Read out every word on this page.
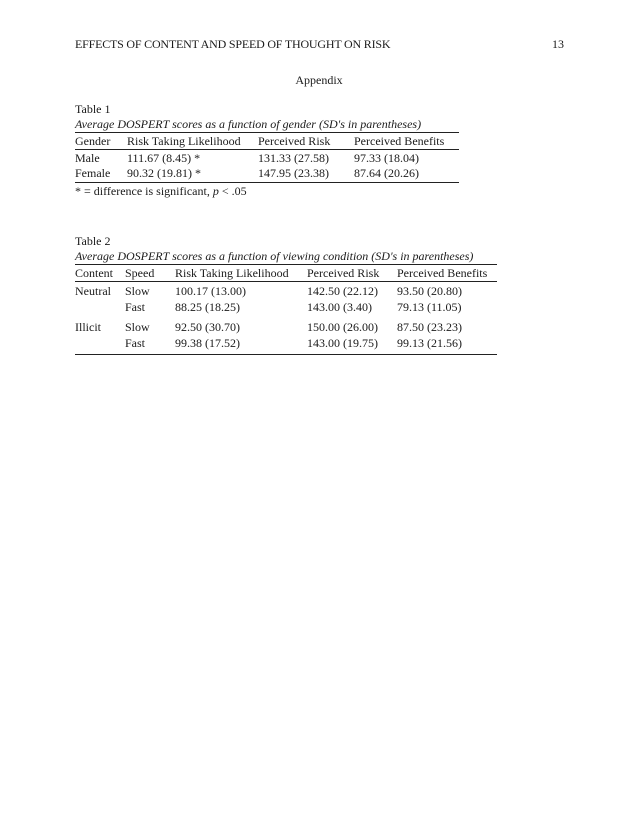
EFFECTS OF CONTENT AND SPEED OF THOUGHT ON RISK	13
Appendix
Table 1
Average DOSPERT scores as a function of gender (SD's in parentheses)
Gender	Risk Taking Likelihood	Perceived Risk	Perceived Benefits
Male	111.67 (8.45) *	131.33 (27.58)	97.33 (18.04)
Female	90.32 (19.81) *	147.95 (23.38)	87.64 (20.26)
* = difference is significant, p < .05
Table 2
Average DOSPERT scores as a function of viewing condition (SD's in parentheses)
Content	Speed	Risk Taking Likelihood	Perceived Risk	Perceived Benefits
Neutral	Slow	100.17 (13.00)	142.50 (22.12)	93.50 (20.80)
	Fast	88.25 (18.25)	143.00 (3.40)	79.13 (11.05)
Illicit	Slow	92.50 (30.70)	150.00 (26.00)	87.50 (23.23)
	Fast	99.38 (17.52)	143.00 (19.75)	99.13 (21.56)
